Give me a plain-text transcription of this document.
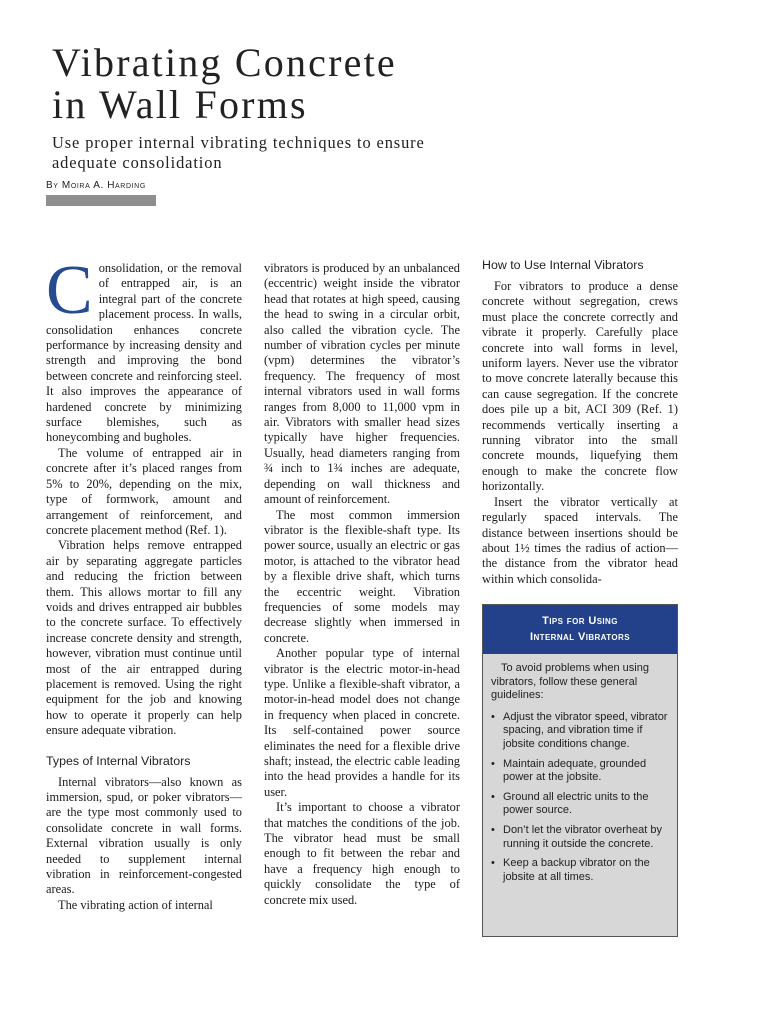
Vibrating Concrete
in Wall Forms

Use proper internal vibrating techniques to ensure adequate consolidation

By Moira A. Harding
C onsolidation, or the removal of entrapped air, is an integral part of the concrete placement process. In walls, consolidation enhances concrete performance by increasing density and strength and improving the bond between concrete and reinforcing steel. It also improves the appearance of hardened concrete by minimizing surface blemishes, such as honeycombing and bugholes.

The volume of entrapped air in concrete after it’s placed ranges from 5% to 20%, depending on the mix, type of formwork, amount and arrangement of reinforcement, and concrete placement method (Ref. 1).

Vibration helps remove entrapped air by separating aggregate particles and reducing the friction between them. This allows mortar to fill any voids and drives entrapped air bubbles to the concrete surface. To effectively increase concrete density and strength, however, vibration must continue until most of the air entrapped during placement is removed. Using the right equipment for the job and knowing how to operate it properly can help ensure adequate vibration.

Types of Internal Vibrators

Internal vibrators—also known as immersion, spud, or poker vibrators—are the type most commonly used to consolidate concrete in wall forms. External vibration usually is only needed to supplement internal vibration in reinforcement-congested areas.

The vibrating action of internal

vibrators is produced by an unbalanced (eccentric) weight inside the vibrator head that rotates at high speed, causing the head to swing in a circular orbit, also called the vibration cycle. The number of vibration cycles per minute (vpm) determines the vibrator’s frequency. The frequency of most internal vibrators used in wall forms ranges from 8,000 to 11,000 vpm in air. Vibrators with smaller head sizes typically have higher frequencies. Usually, head diameters ranging from ¾ inch to 1¾ inches are adequate, depending on wall thickness and amount of reinforcement.

The most common immersion vibrator is the flexible-shaft type. Its power source, usually an electric or gas motor, is attached to the vibrator head by a flexible drive shaft, which turns the eccentric weight. Vibration frequencies of some models may decrease slightly when immersed in concrete.

Another popular type of internal vibrator is the electric motor-in-head type. Unlike a flexible-shaft vibrator, a motor-in-head model does not change in frequency when placed in concrete. Its self-contained power source eliminates the need for a flexible drive shaft; instead, the electric cable leading into the head provides a handle for its user.

It’s important to choose a vibrator that matches the conditions of the job. The vibrator head must be small enough to fit between the rebar and have a frequency high enough to quickly consolidate the type of concrete mix used.

How to Use Internal Vibrators

For vibrators to produce a dense concrete without segregation, crews must place the concrete correctly and vibrate it properly. Carefully place concrete into wall forms in level, uniform layers. Never use the vibrator to move concrete laterally because this can cause segregation. If the concrete does pile up a bit, ACI 309 (Ref. 1) recommends vertically inserting a running vibrator into the small concrete mounds, liquefying them enough to make the concrete flow horizontally.

Insert the vibrator vertically at regularly spaced intervals. The distance between insertions should be about 1½ times the radius of action—the distance from the vibrator head within which consolida-

Tips for Using
Internal Vibrators

To avoid problems when using vibrators, follow these general guidelines:

• Adjust the vibrator speed, vibrator spacing, and vibration time if jobsite conditions change.
• Maintain adequate, grounded power at the jobsite.
• Ground all electric units to the power source.
• Don’t let the vibrator overheat by running it outside the concrete.
• Keep a backup vibrator on the jobsite at all times.
